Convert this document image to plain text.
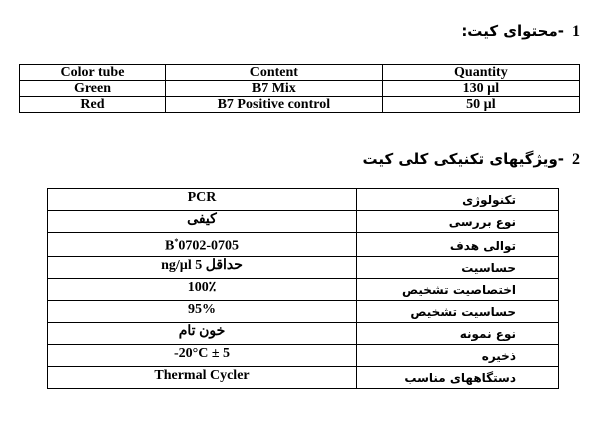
1-محتوای کیت:
Color tube	Content	Quantity
Green	B7 Mix	130 µl
Red	B7 Positive control	50 µl
2-ویژگیهای تکنیکی کلی کیت
PCR	تکنولوژی
کیفی	نوع بررسی
B*0702-0705	توالی هدف
حداقل 5 ng/µl	حساسیت
100٪	اختصاصیت تشخیص
95%	حساسیت تشخیص
خون تام	نوع نمونه
-20°C ± 5	ذخیره
Thermal Cycler	دستگاههای مناسب
